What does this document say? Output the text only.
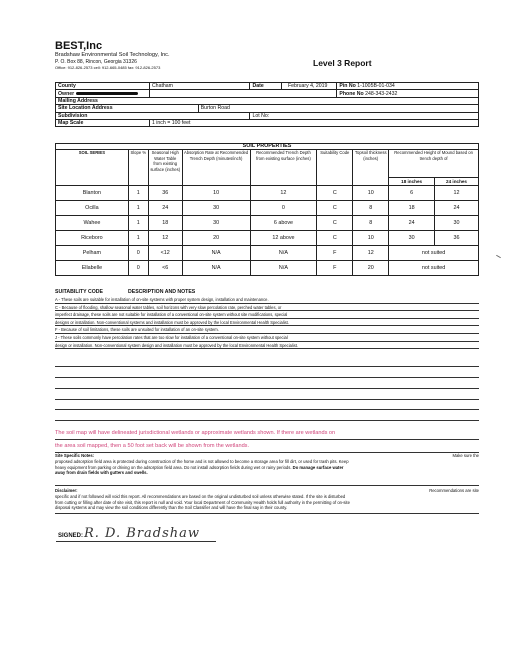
BEST,Inc
Bradshaw Environmental Soil Technology, Inc.
P. O. Box 88, Rincon, Georgia 31326
Office: 912-826-2573 cell: 912-665-0485 fax: 912-826-2573	Level 3 Report
County	Chatham		Date February 4, 2019	Pin No 1-1005B-01-034
Owner				Phone No 248-343-2432
Mailing Address				
Site Location Address		Burton Road		
Subdivision			Lot No:	
Map Scale	1 inch = 100 feet			
SOIL PROPERTIES								
SOIL SERIES	Slope %	Seasonal High Water Table from existing surface (inches)	Absorption Rate at Recommended Trench Depth (minutes/inch)	Recommended Trench Depth from existing surface (inches)	Suitability Code	Topsoil thickness (inches)	Recommended Height of Mound based on trench depth of	
							18 inches	24 inches
Blanton	1	36	10	12	C	10	6	12
Ocilla	1	24	30	0	C	8	18	24
Wahee	1	18	30	6 above	C	8	24	30
Riceboro	1	12	20	12 above	C	10	30	36
Pelham	0	<12	N/A	N/A	F	12	not suited	
Ellabelle	0	<6	N/A	N/A	F	20	not suited	
SUITABILITY CODE	DESCRIPTION AND NOTES
A - These soils are suitable for installation of on-site systems with proper system design, installation and maintenance.
C - Because of flooding, shallow seasonal water tables, soil horizons with very slow percolation rate, perched water tables, or
imperfect drainage, these soils are not suitable for installation of a conventional on-site system without site modifications, special
designs or installation. Non-conventional systems and installation must be approved by the local Environmental Health Specialist.
F - Because of soil limitations, these soils are unsuited for installation of an on-site system.
J - These soils commonly have percolation rates that are too slow for installation of a conventional on-site system without special
design or installation. Non-conventional system design and installation must be approved by the local Environmental Health Specialist.
The soil map will have delineated jurisdictional wetlands or approximate wetlands shown. If there are wetlands on
the area soil mapped, then a 50 foot set back will be shown from the wetlands.
Site Specific Notes:	Make sure the
proposed adsorption field area is protected during construction of the home and is not allowed to become a storage area for fill dirt, or used for trash pits. Keep
heavy equipment from parking or driving on the adsorption field area. Do not install adsorption fields during wet or rainy periods. Do manage surface water
away from drain fields with gutters and swells.
Disclaimer:	Recommendations are site
specific and if not followed will void this report. All recommendations are based on the original undisturbed soil unless otherwise stated. If the site is disturbed
from cutting or filling after date of site visit, this report is null and void. Your local Department of Community Health holds full authority in the permitting of on-site
disposal systems and may view the soil conditions differently than the Soil Classifier and will have the final say in their county.
SIGNED: R. D. Bradshaw
